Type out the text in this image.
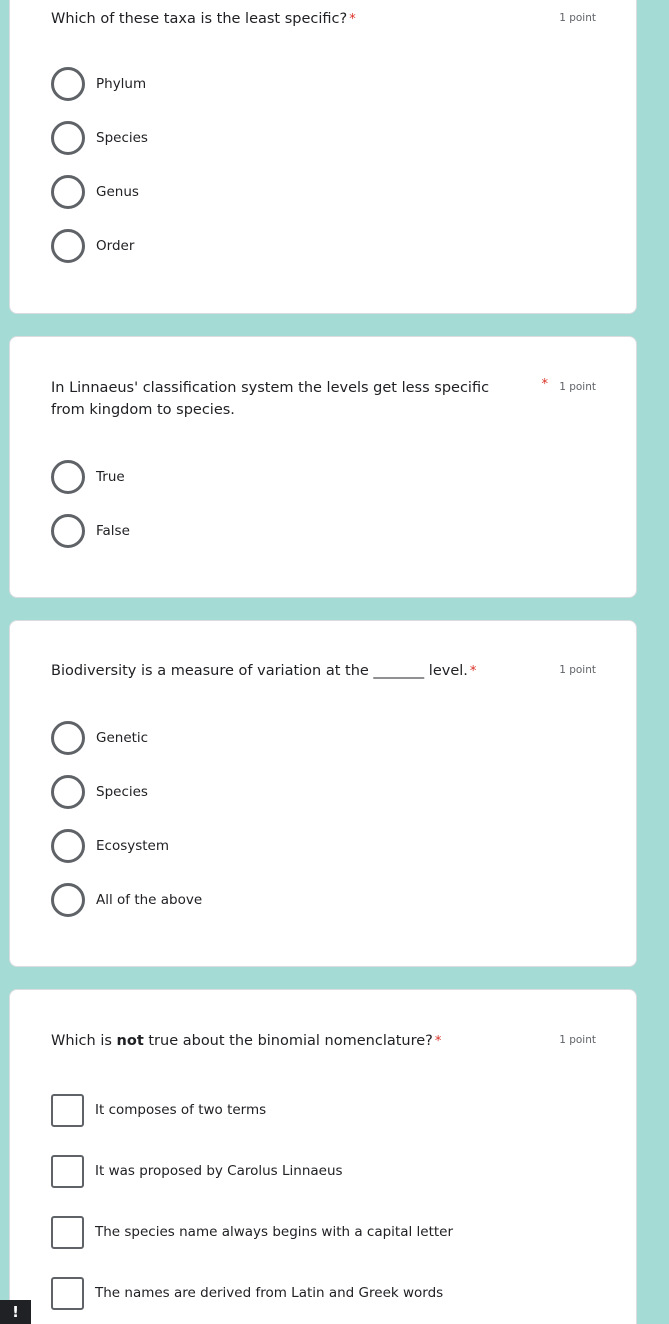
Which of these taxa is the least specific? *	1 point
Phylum
Species
Genus
Order
In Linnaeus' classification system the levels get less specific from kingdom to species.
* 1 point
True
False
Biodiversity is a measure of variation at the _______ level. *	1 point
Genetic
Species
Ecosystem
All of the above
Which is not true about the binomial nomenclature? *	1 point
It composes of two terms
It was proposed by Carolus Linnaeus
The species name always begins with a capital letter
The names are derived from Latin and Greek words
!
